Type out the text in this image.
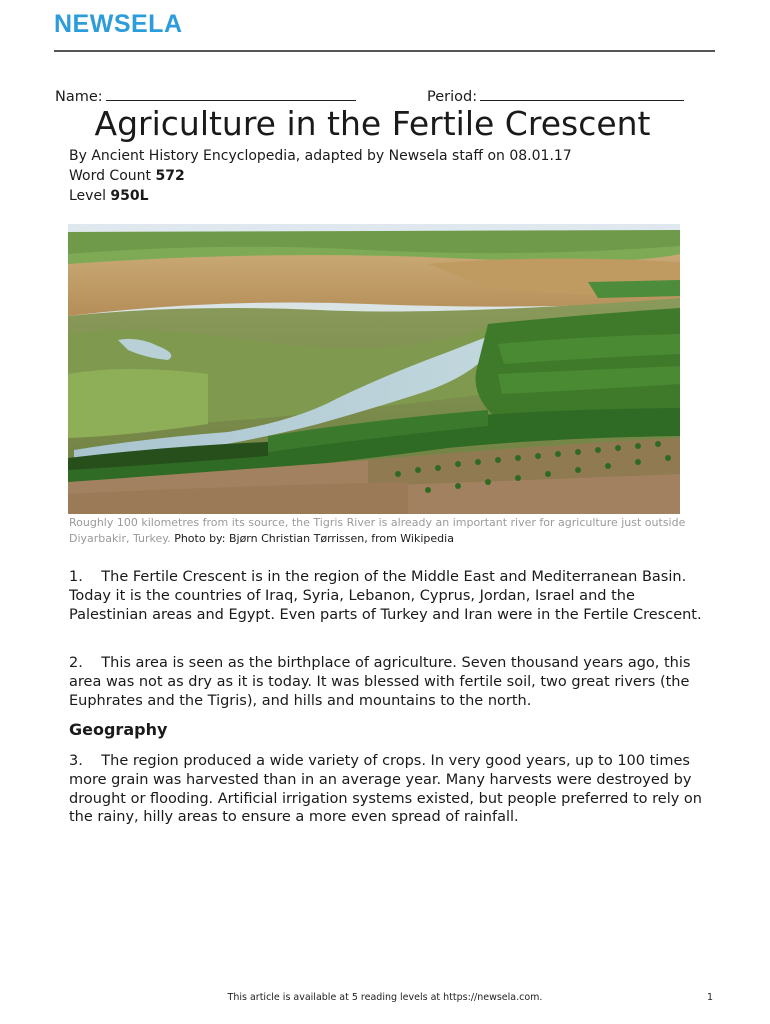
NEWSELA
Name:	Period:
Agriculture in the Fertile Crescent
By Ancient History Encyclopedia, adapted by Newsela staff on 08.01.17
Word Count 572
Level 950L
Roughly 100 kilometres from its source, the Tigris River is already an important river for agriculture just outside Diyarbakir, Turkey. Photo by: Bjørn Christian Tørrissen, from Wikipedia

1.    The Fertile Crescent is in the region of the Middle East and Mediterranean Basin. Today it is the countries of Iraq, Syria, Lebanon, Cyprus, Jordan, Israel and the Palestinian areas and Egypt. Even parts of Turkey and Iran were in the Fertile Crescent.

2.    This area is seen as the birthplace of agriculture. Seven thousand years ago, this area was not as dry as it is today. It was blessed with fertile soil, two great rivers (the Euphrates and the Tigris), and hills and mountains to the north.

Geography

3.    The region produced a wide variety of crops. In very good years, up to 100 times more grain was harvested than in an average year. Many harvests were destroyed by drought or flooding. Artificial irrigation systems existed, but people preferred to rely on the rainy, hilly areas to ensure a more even spread of rainfall.

This article is available at 5 reading levels at https://newsela.com.	1
